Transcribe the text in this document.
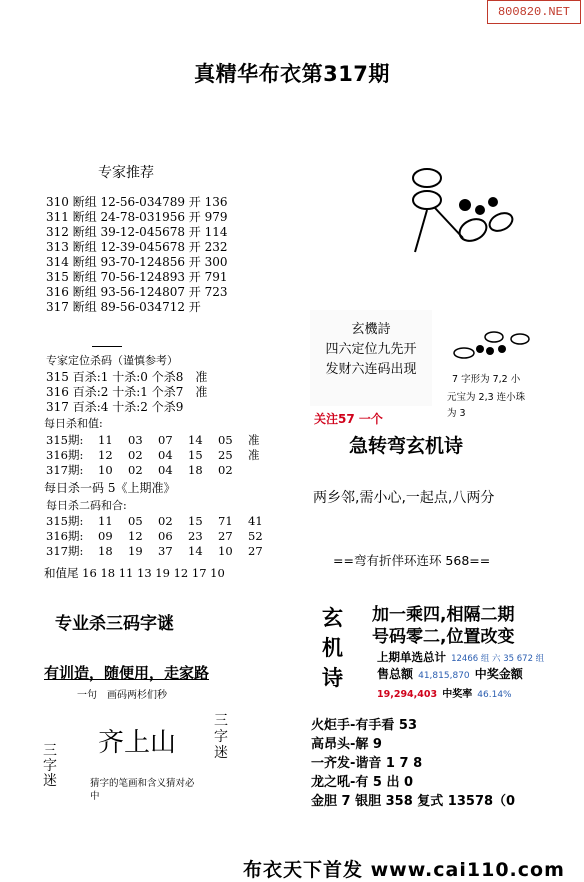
800820.NET
真精华布衣第317期
专家推荐
310 断组 12-56-034789 开 136
311 断组 24-78-031956 开 979
312 断组 39-12-045678 开 114
313 断组 12-39-045678 开 232
314 断组 93-70-124856 开 300
315 断组 70-56-124893 开 791
316 断组 93-56-124807 开 723
317 断组 89-56-034712 开
专家定位杀码（谨慎参考）
315 百杀:1 十杀:0 个杀8　准
316 百杀:2 十杀:1 个杀7　准
317 百杀:4 十杀:2 个杀9
每日杀和值:
315期:	11	03	07	14	05	准
316期:	12	02	04	15	25	准
317期:	10	02	04	18	02
每日杀一码 5《上期准》
每日杀二码和合:
315期:	11	05	02	15	71	41
316期:	09	12	06	23	27	52
317期:	18	19	37	14	10	27
和值尾 16 18 11 13 19 12 17 10
专业杀三码字谜
有训造，随便用，走家路
一句　画码两杉们秒
三字迷
三字迷
齐上山
猜字的笔画和含义猜对必中
玄機詩
四六定位九先开
发财六连码出现
7 字形为 7,2 小
元宝为 2,3 连小珠
为 3
关注57 一个
急转弯玄机诗
两乡邻,需小心,一起点,八两分
==弯有折伴环连环 568==
玄机诗
加一乘四,相隔二期
号码零二,位置改变
上期单选总计 12466 组 六 35 672 组
售总额 41,815,870 中奖金额
19,294,403 中奖率 46.14%
火炬手-有手看 53
高昂头-解 9
一齐发-谐音 1 7 8
龙之吼-有 5 出 0
金胆 7 银胆 358 复式 13578（0
布衣天下首发 www.cai110.com
